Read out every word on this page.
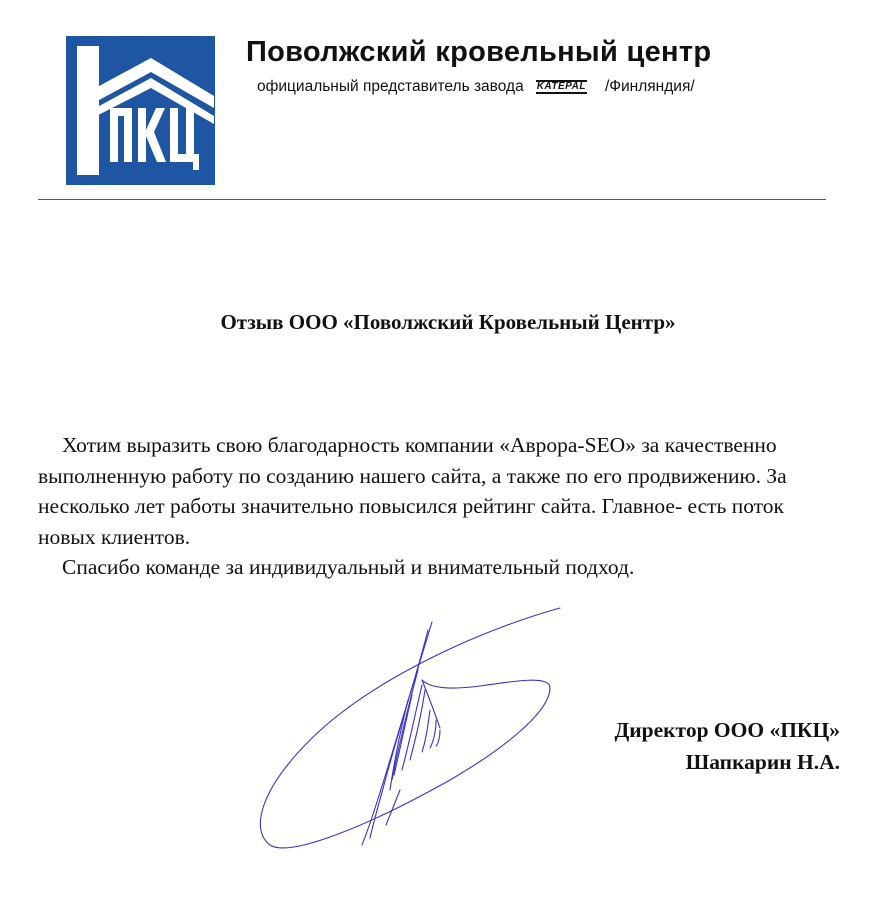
Поволжский кровельный центр
официальный представитель завода KATEPAL /Финляндия/
Отзыв ООО «Поволжский Кровельный Центр»

Хотим выразить свою благодарность компании «Аврора-SEO» за качественно выполненную работу по созданию нашего сайта, а также по его продвижению. За несколько лет работы значительно повысился рейтинг сайта. Главное- есть поток новых клиентов.

Спасибо команде за индивидуальный и внимательный подход.

Директор ООО «ПКЦ»
Шапкарин Н.А.
